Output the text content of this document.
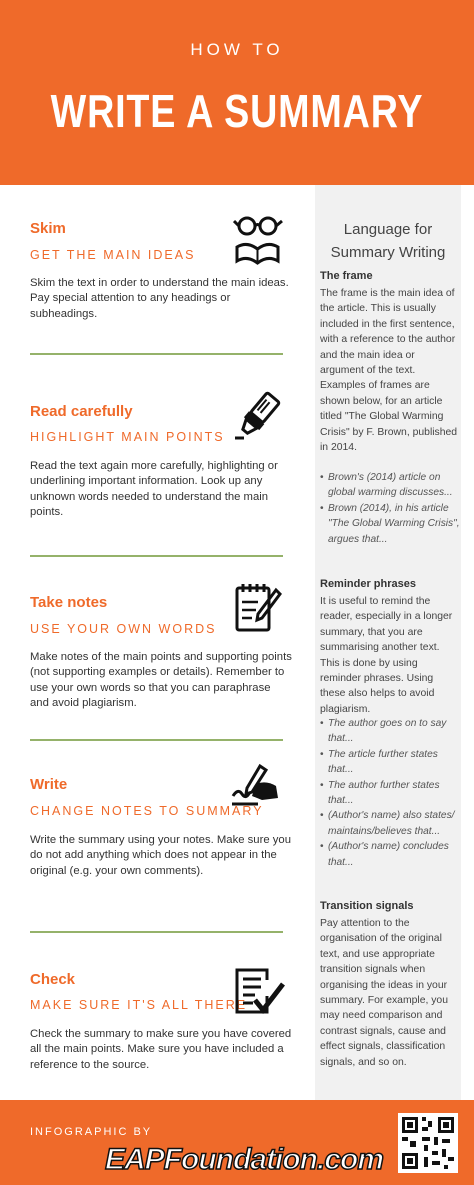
HOW TO
WRITE A SUMMARY
Skim
GET THE MAIN IDEAS
Skim the text in order to understand the main ideas. Pay special attention to any headings or subheadings.
Read carefully
HIGHLIGHT MAIN POINTS
Read the text again more carefully, highlighting or underlining important information. Look up any unknown words needed to understand the main points.
Take notes
USE YOUR OWN WORDS
Make notes of the main points and supporting points (not supporting examples or details). Remember to use your own words so that you can paraphrase and avoid plagiarism.
Write
CHANGE NOTES TO SUMMARY
Write the summary using your notes. Make sure you do not add anything which does not appear in the original (e.g. your own comments).
Check
MAKE SURE IT'S ALL THERE
Check the summary to make sure you have covered all the main points. Make sure you have included a reference to the source.
Language for
Summary Writing
The frame
The frame is the main idea of the article. This is usually included in the first sentence, with a reference to the author and the main idea or argument of the text. Examples of frames are shown below, for an article titled "The Global Warming Crisis" by F. Brown, published in 2014.
• Brown's (2014) article on global warming discusses...
• Brown (2014), in his article "The Global Warming Crisis", argues that...
Reminder phrases
It is useful to remind the reader, especially in a longer summary, that you are summarising another text. This is done by using reminder phrases. Using these also helps to avoid plagiarism.
• The author goes on to say that...
• The article further states that...
• The author further states that...
• (Author's name) also states/ maintains/believes that...
• (Author's name) concludes that...
Transition signals
Pay attention to the organisation of the original text, and use appropriate transition signals when organising the ideas in your summary. For example, you may need comparison and contrast signals, cause and effect signals, classification signals, and so on.
INFOGRAPHIC BY
EAPFoundation.com
